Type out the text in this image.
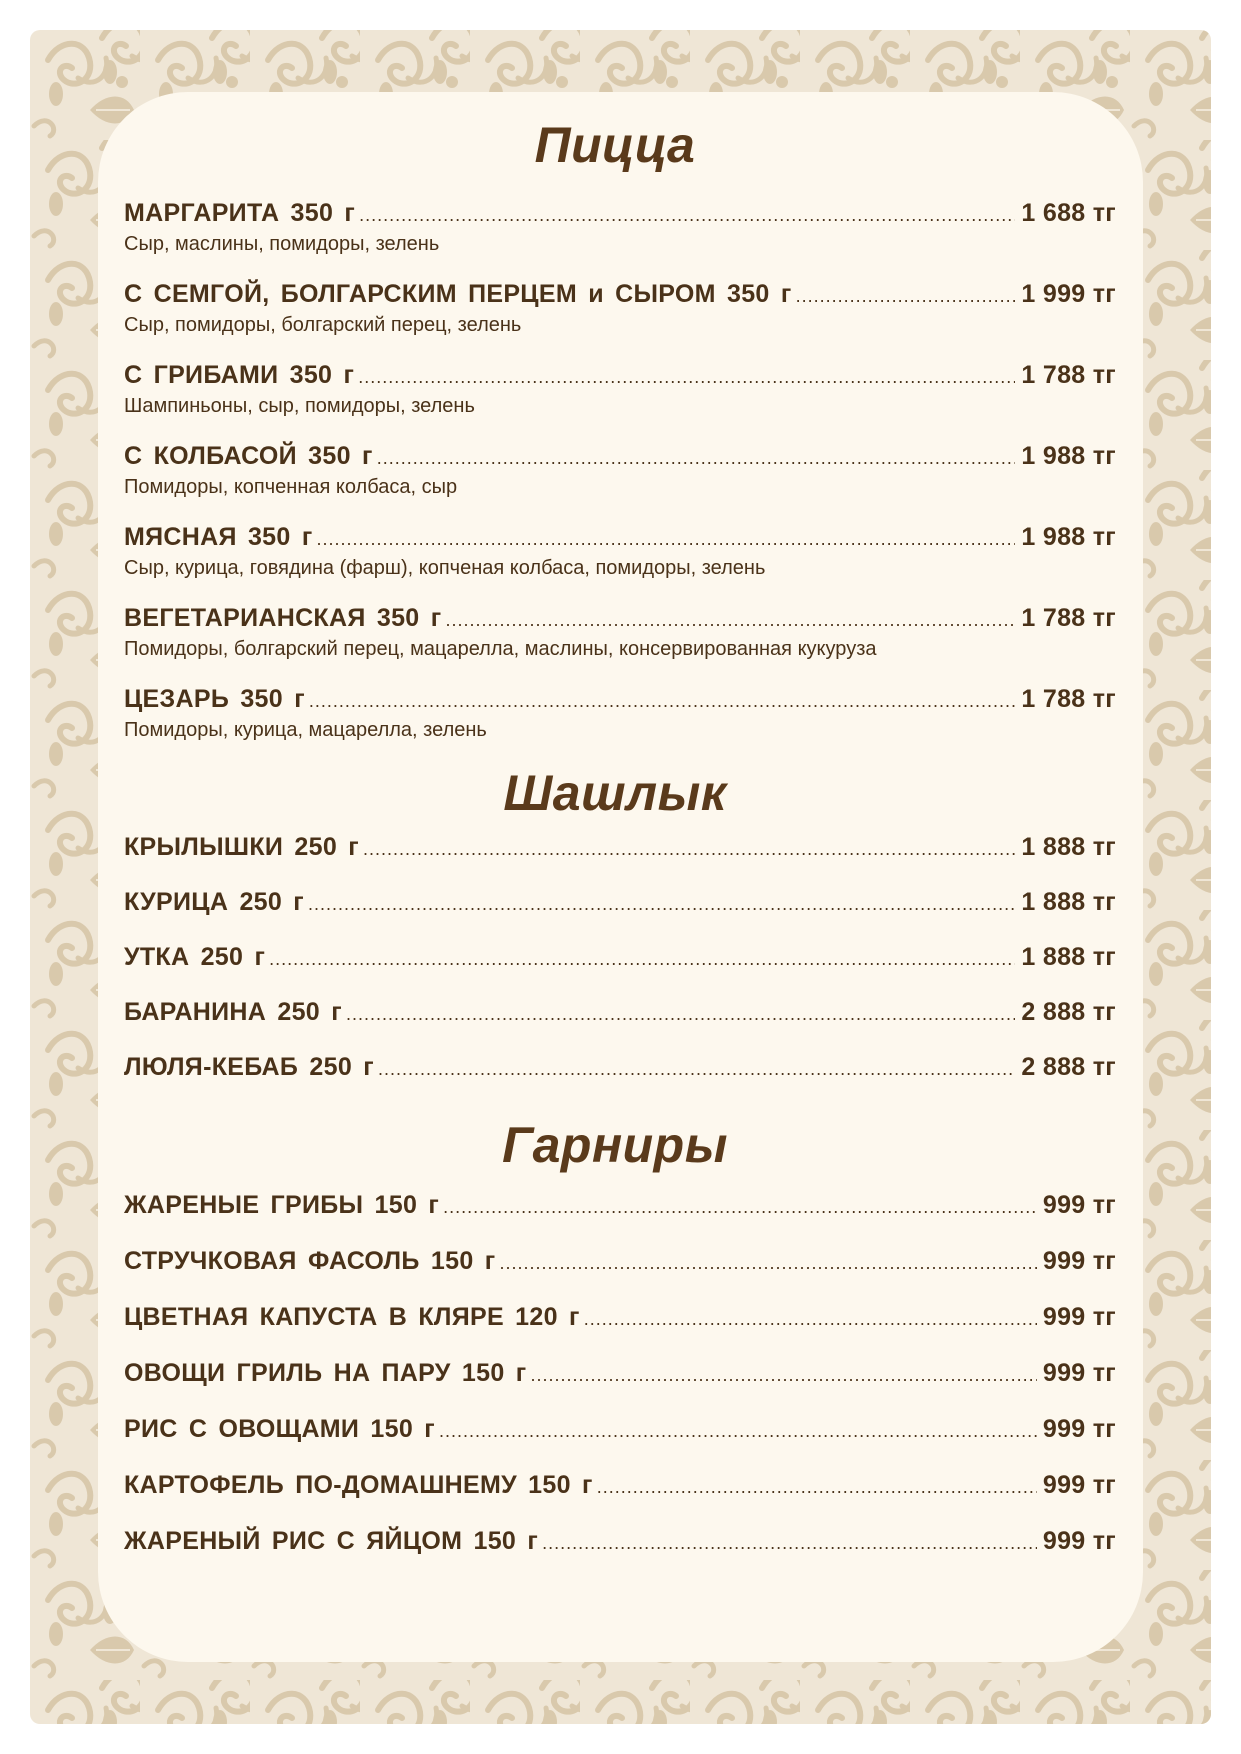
Пицца
МАРГАРИТА 350 г .....	1 688 тг
Сыр, маслины, помидоры, зелень
С СЕМГОЙ, БОЛГАРСКИМ ПЕРЦЕМ и СЫРОМ 350 г .....	1 999 тг
Сыр, помидоры, болгарский перец, зелень
С ГРИБАМИ 350 г .....	1 788 тг
Шампиньоны, сыр, помидоры, зелень
С КОЛБАСОЙ 350 г .....	1 988 тг
Помидоры, копченная колбаса, сыр
МЯСНАЯ 350 г .....	1 988 тг
Сыр, курица, говядина (фарш), копченая колбаса, помидоры, зелень
ВЕГЕТАРИАНСКАЯ 350 г .....	1 788 тг
Помидоры, болгарский перец, мацарелла, маслины, консервированная кукуруза
ЦЕЗАРЬ 350 г .....	1 788 тг
Помидоры, курица, мацарелла, зелень
Шашлык
КРЫЛЫШКИ 250 г .....	1 888 тг
КУРИЦА 250 г .....	1 888 тг
УТКА 250 г .....	1 888 тг
БАРАНИНА 250 г .....	2 888 тг
ЛЮЛЯ-КЕБАБ 250 г .....	2 888 тг
Гарниры
ЖАРЕНЫЕ ГРИБЫ 150 г .....	999 тг
СТРУЧКОВАЯ ФАСОЛЬ 150 г .....	999 тг
ЦВЕТНАЯ КАПУСТА В КЛЯРЕ 120 г .....	999 тг
ОВОЩИ ГРИЛЬ НА ПАРУ 150 г .....	999 тг
РИС С ОВОЩАМИ 150 г .....	999 тг
КАРТОФЕЛЬ ПО-ДОМАШНЕМУ 150 г .....	999 тг
ЖАРЕНЫЙ РИС С ЯЙЦОМ 150 г .....	999 тг
